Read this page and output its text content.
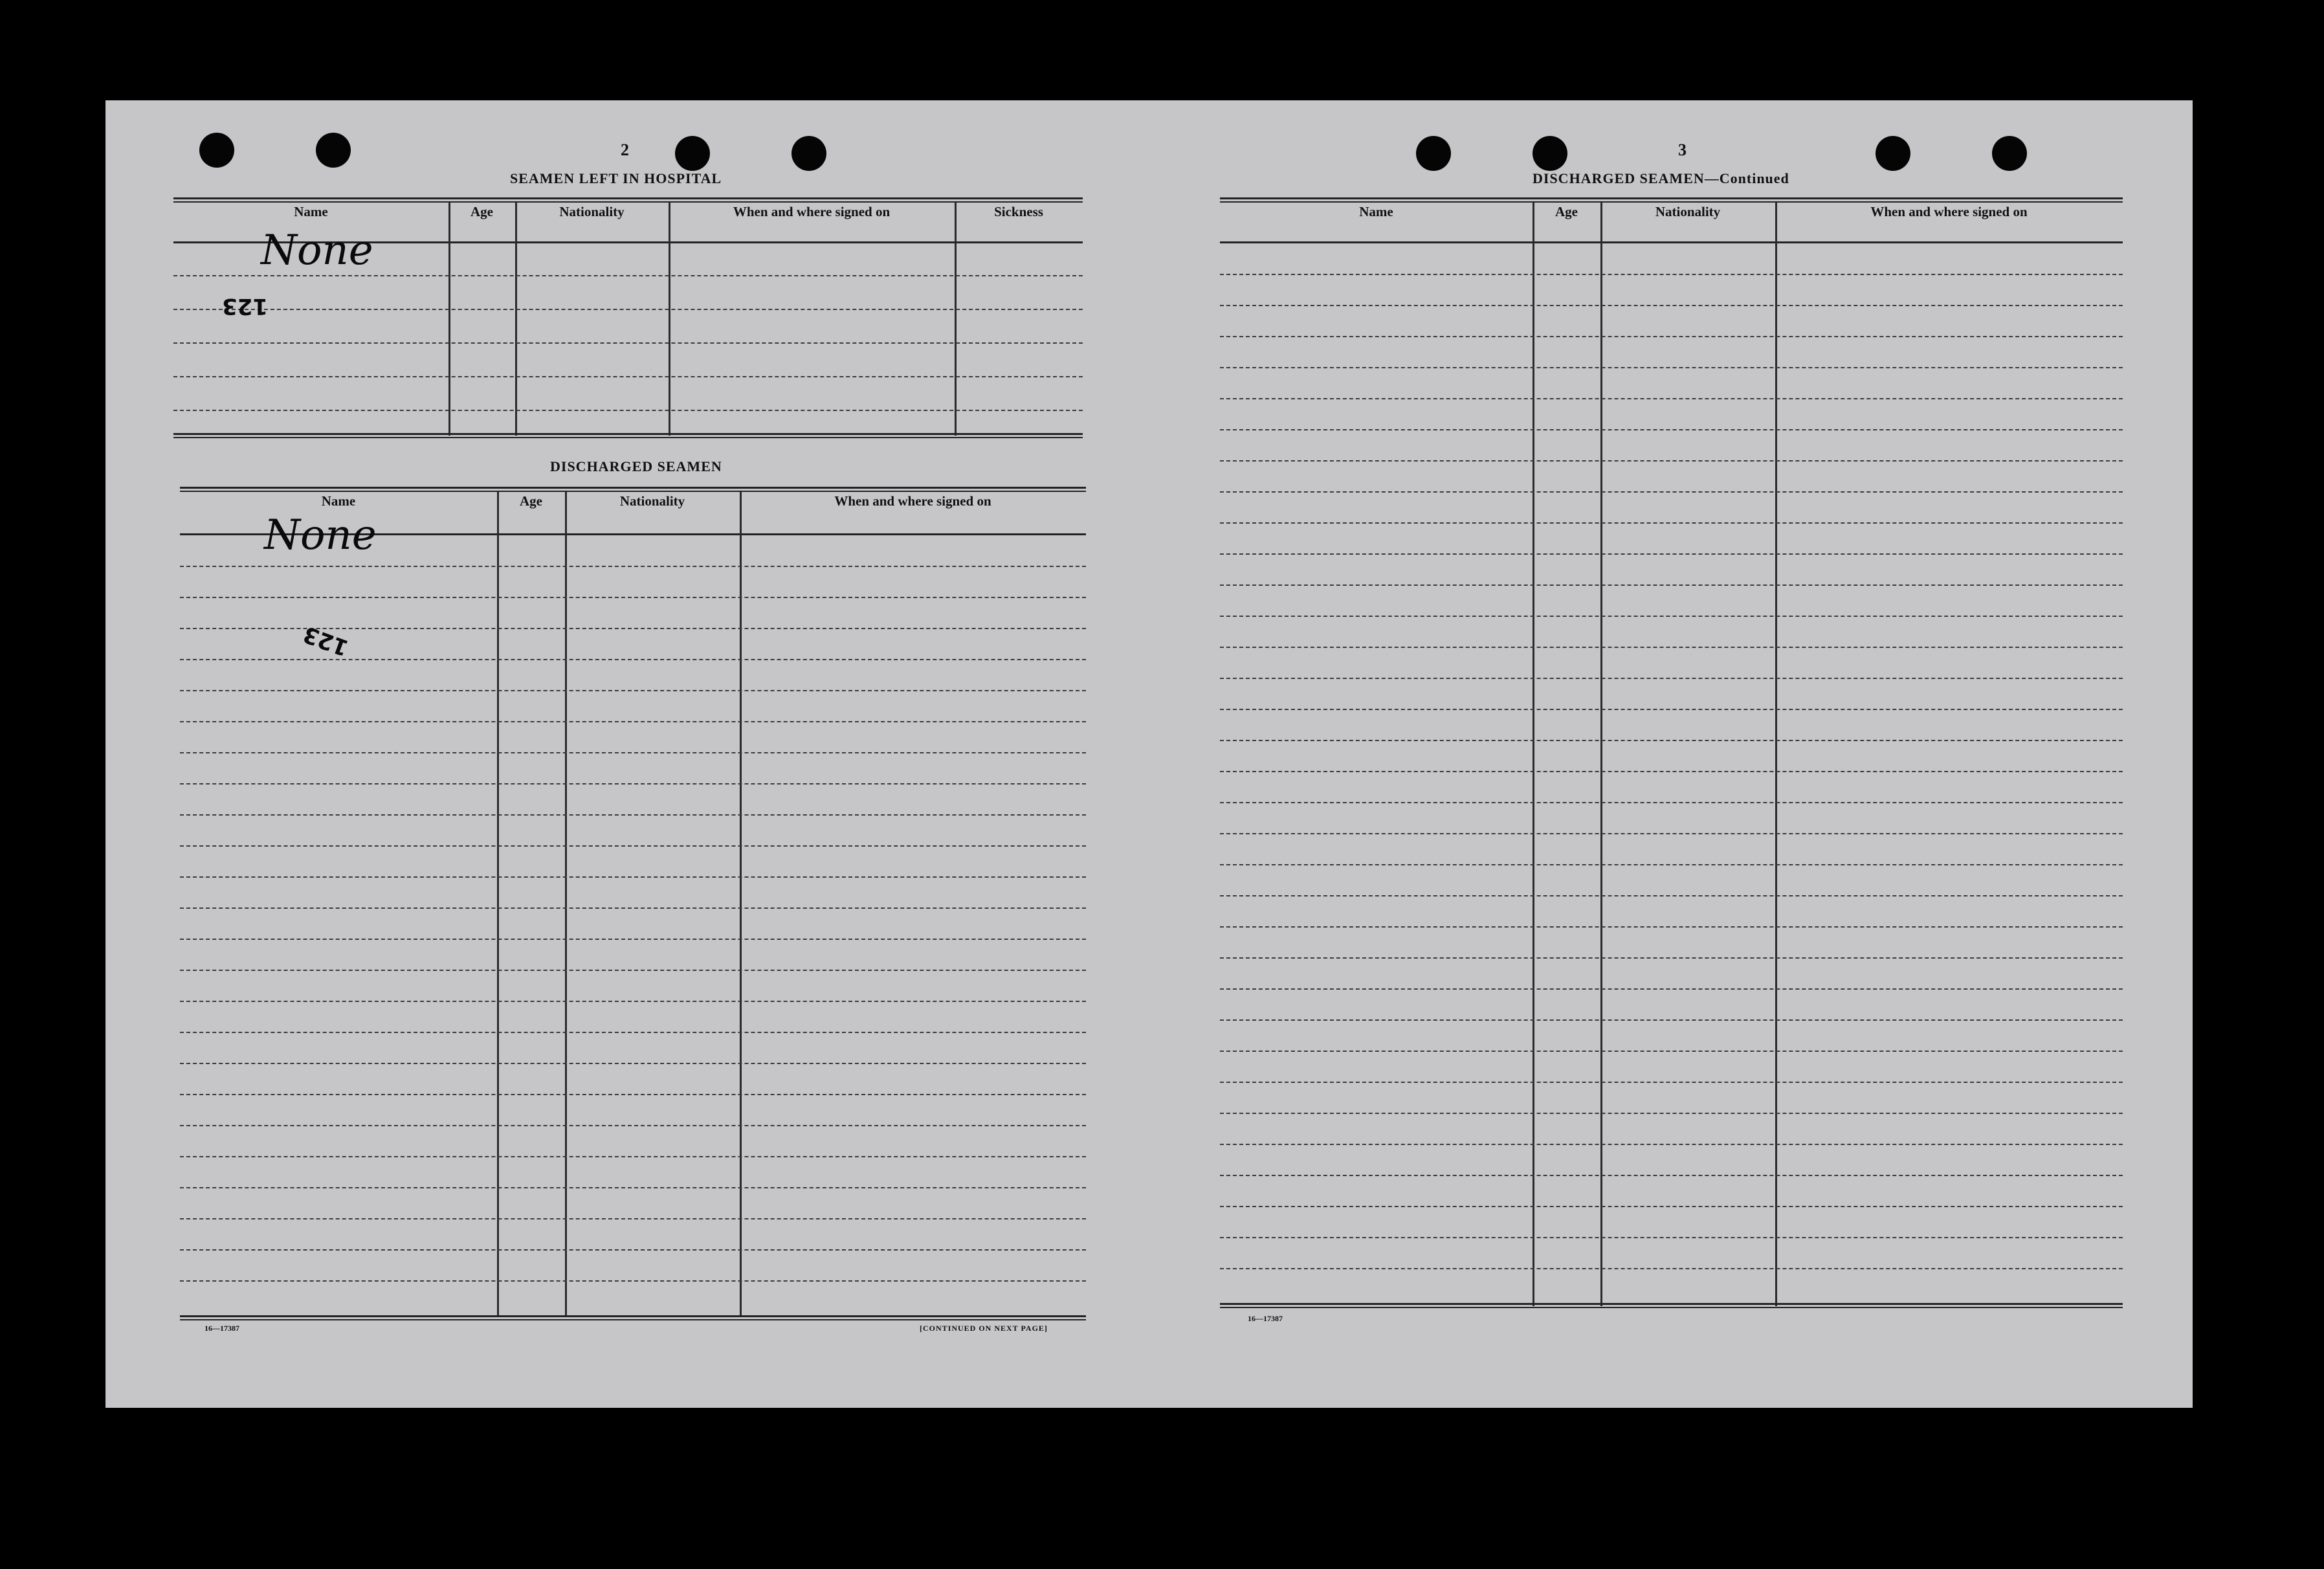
2
SEAMEN LEFT IN HOSPITAL
Name	Age	Nationality	When and where signed on	Sickness
None
123
DISCHARGED SEAMEN
Name	Age	Nationality	When and where signed on
None
123
16—17387	[CONTINUED ON NEXT PAGE]
3
DISCHARGED SEAMEN—Continued
Name	Age	Nationality	When and where signed on
16—17387
